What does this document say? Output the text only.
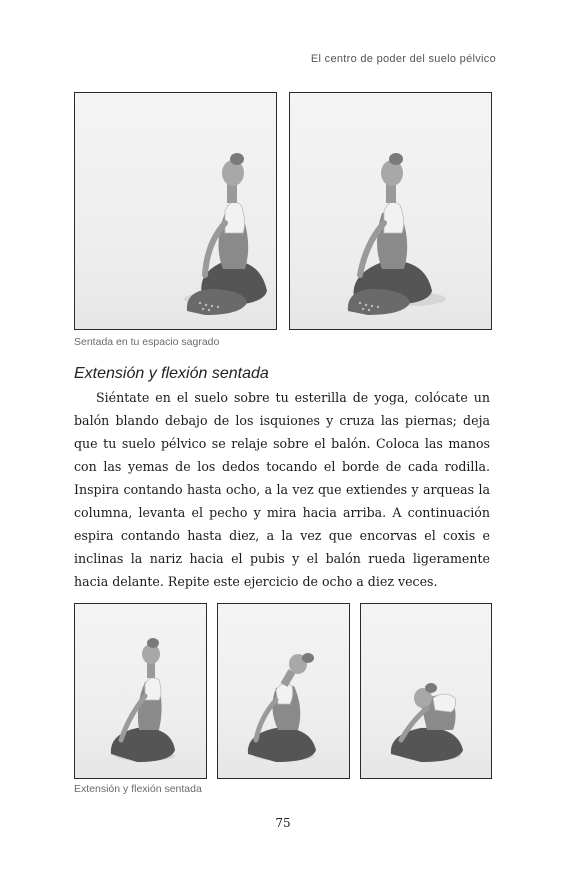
El centro de poder del suelo pélvico

Sentada en tu espacio sagrado

Extensión y flexión sentada

Siéntate en el suelo sobre tu esterilla de yoga, colócate un balón blando debajo de los isquiones y cruza las piernas; deja que tu suelo pélvico se relaje sobre el balón. Coloca las manos con las yemas de los dedos tocando el borde de cada rodilla. Inspira contando hasta ocho, a la vez que extiendes y arqueas la columna, levanta el pecho y mira hacia arriba. A continuación espira contando hasta diez, a la vez que encorvas el coxis e inclinas la nariz hacia el pubis y el balón rueda ligeramente hacia delante. Repite este ejercicio de ocho a diez veces.

Extensión y flexión sentada

75
